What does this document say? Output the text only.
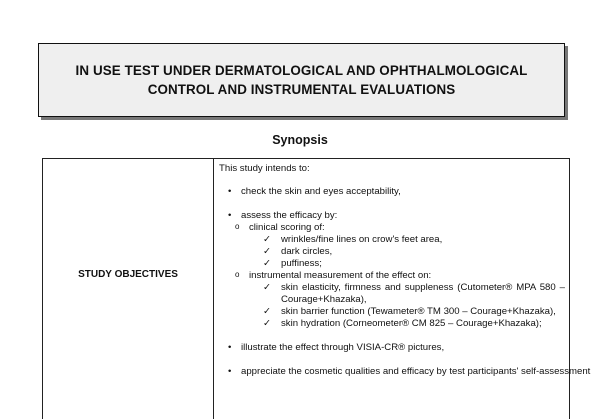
IN USE TEST UNDER DERMATOLOGICAL AND OPHTHALMOLOGICAL
CONTROL AND INSTRUMENTAL EVALUATIONS
Synopsis
STUDY OBJECTIVES
This study intends to:
• check the skin and eyes acceptability,
• assess the efficacy by:
o clinical scoring of:
✓ wrinkles/fine lines on crow's feet area,
✓ dark circles,
✓ puffiness;
o instrumental measurement of the effect on:
✓ skin elasticity, firmness and suppleness (Cutometer® MPA 580 – Courage+Khazaka),
✓ skin barrier function (Tewameter® TM 300 – Courage+Khazaka),
✓ skin hydration (Corneometer® CM 825 – Courage+Khazaka);
• illustrate the effect through VISIA-CR® pictures,
• appreciate the cosmetic qualities and efficacy by test participants' self-assessment
